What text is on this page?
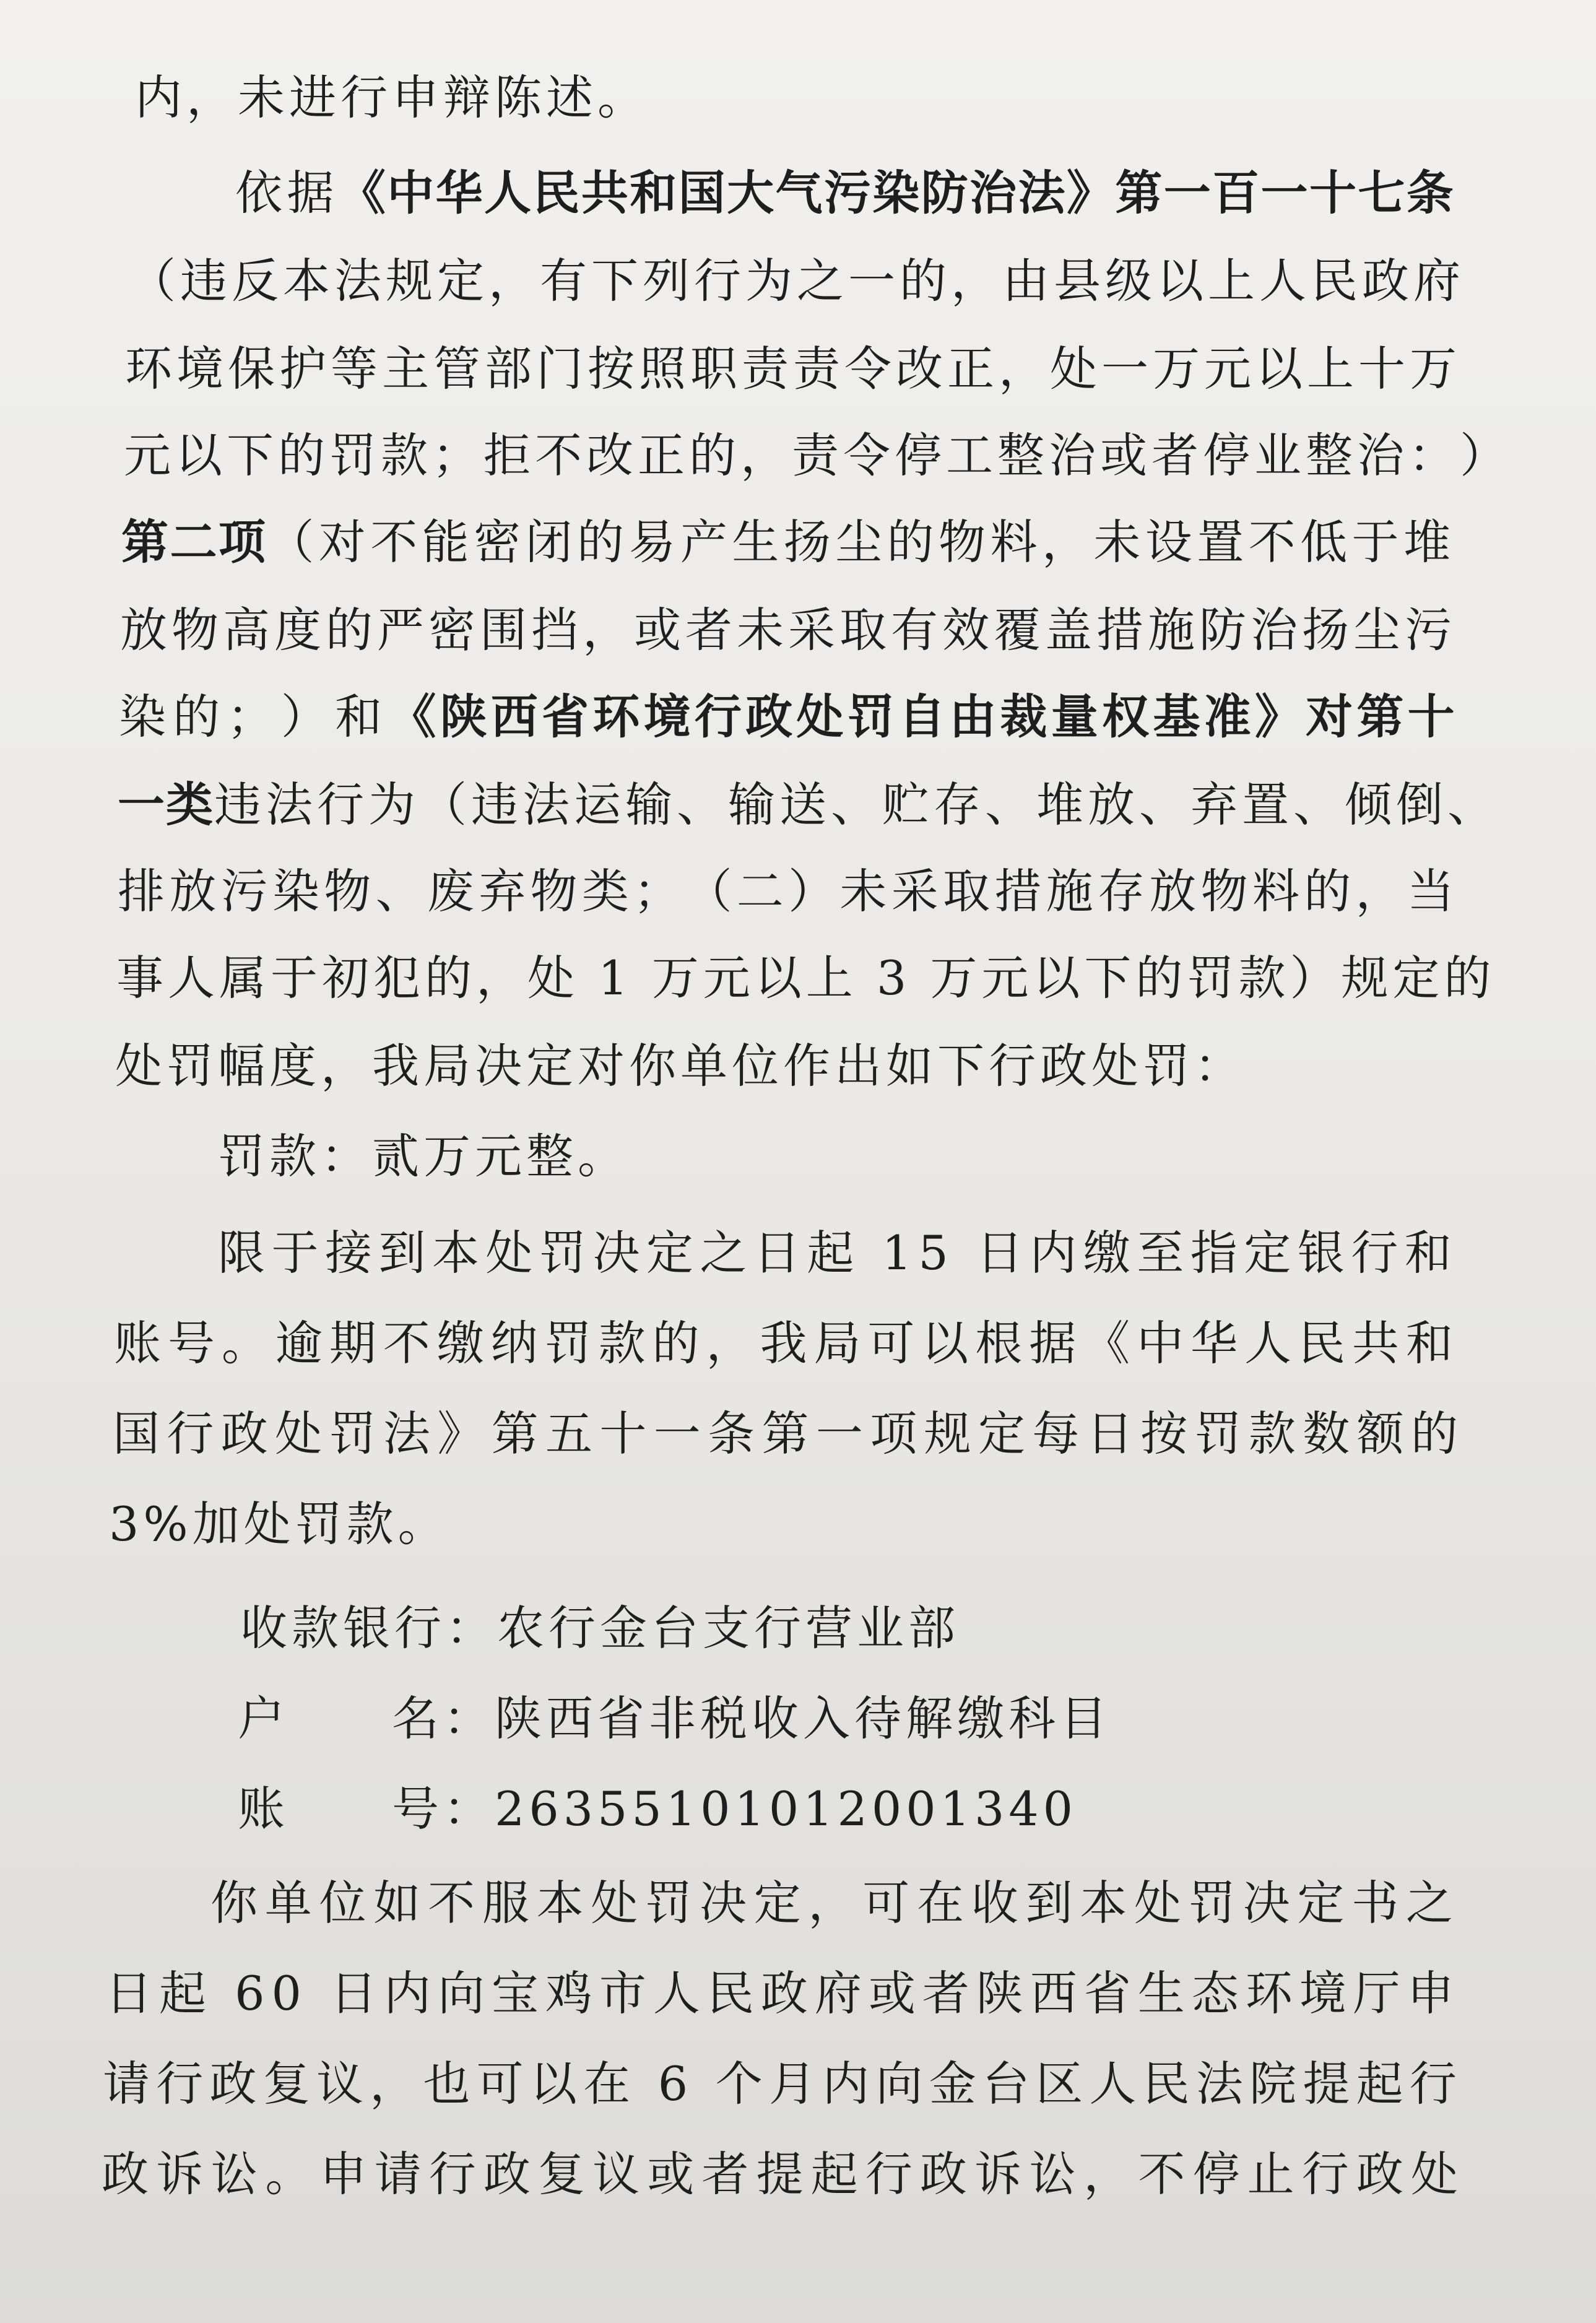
内，未进行申辩陈述。
依 据 《 中 华 人 民 共 和 国 大 气 污 染 防 治 法 》 第 一 百 一 十 七 条
（ 违 反 本 法 规 定 ， 有 下 列 行 为 之 一 的 ， 由 县 级 以 上 人 民 政 府
环 境 保 护 等 主 管 部 门 按 照 职 责 责 令 改 正 ， 处 一 万 元 以 上 十 万
元 以 下 的 罚 款 ； 拒 不 改 正 的 ， 责 令 停 工 整 治 或 者 停 业 整 治 ： ）
第 二 项 （ 对 不 能 密 闭 的 易 产 生 扬 尘 的 物 料 ， 未 设 置 不 低 于 堆
放 物 高 度 的 严 密 围 挡 ， 或 者 未 采 取 有 效 覆 盖 措 施 防 治 扬 尘 污
染 的 ； ） 和 《 陕 西 省 环 境 行 政 处 罚 自 由 裁 量 权 基 准 》 对 第 十
一 类 违 法 行 为 （ 违 法 运 输 、 输 送 、 贮 存 、 堆 放 、 弃 置 、 倾 倒 、
排 放 污 染 物 、 废 弃 物 类 ； （ 二 ） 未 采 取 措 施 存 放 物 料 的 ， 当
事 人 属 于 初 犯 的 ， 处
1
万 元 以 上
3
万 元 以 下 的 罚 款 ） 规 定 的
处罚幅度，我局决定对你单位作出如下行政处罚：
罚款：贰万元整。
限 于 接 到 本 处 罚 决 定 之 日 起
1 5
日 内 缴 至 指 定 银 行 和
账 号 。 逾 期 不 缴 纳 罚 款 的 ， 我 局 可 以 根 据 《 中 华 人 民 共 和
国 行 政 处 罚 法 》 第 五 十 一 条 第 一 项 规 定 每 日 按 罚 款 数 额 的
3%加处罚款。
收款银行：农行金台支行营业部
户　　名：陕西省非税收入待解缴科目
账　　号：26355101012001340
你 单 位 如 不 服 本 处 罚 决 定 ， 可 在 收 到 本 处 罚 决 定 书 之
日 起
6 0
日 内 向 宝 鸡 市 人 民 政 府 或 者 陕 西 省 生 态 环 境 厅 申
请 行 政 复 议 ， 也 可 以 在
6
个 月 内 向 金 台 区 人 民 法 院 提 起 行
政 诉 讼 。 申 请 行 政 复 议 或 者 提 起 行 政 诉 讼 ， 不 停 止 行 政 处
